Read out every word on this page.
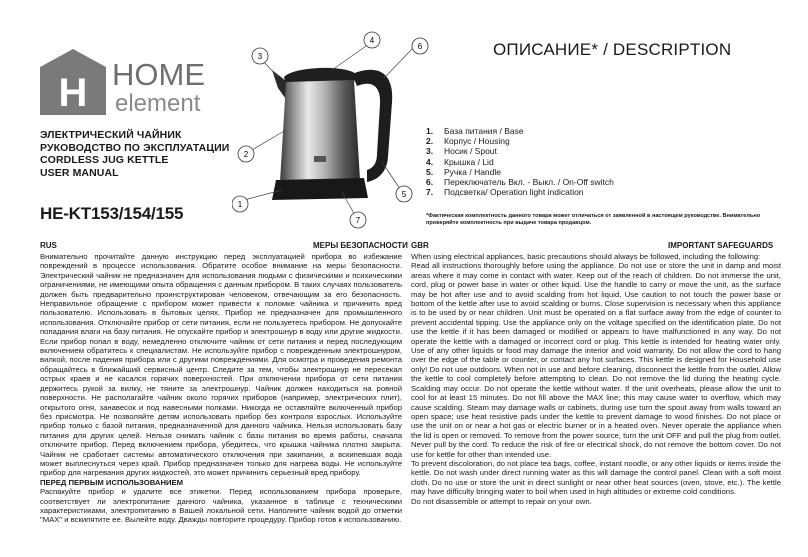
H HOME
element
ЭЛЕКТРИЧЕСКИЙ ЧАЙНИК
РУКОВОДСТВО ПО ЭКСПЛУАТАЦИИ
CORDLESS JUG KETTLE
USER MANUAL
HE-KT153/154/155
3
4
6
2
1
5
7
ОПИСАНИЕ* / DESCRIPTION
1.	База питания / Base
2.	Корпус / Housing
3.	Носик / Spout
4.	Крышка / Lid
5.	Ручка / Handle
6.	Переключатель Вкл. - Выкл. / On-Off switch
7.	Подсветка/ Operation light indication
*Фактическая комплектность данного товара может отличаться от заявленной в настоящем руководстве. Внимательно проверяйте комплектность при выдаче товара продавцом.
RUS	МЕРЫ БЕЗОПАСНОСТИ GBR	IMPORTANT SAFEGUARDS

Внимательно прочитайте данную инструкцию перед эксплуатацией прибора во избежание повреждений в процессе использования. Обратите особое внимание на меры безопасности. Электрический чайник не предназначен для использования людьми с физическими и психическими ограничениями, не имеющими опыта обращения с данным прибором. В таких случаях пользователь должен быть предварительно проинструктирован человеком, отвечающим за его безопасность. Неправильное обращение с прибором может привести к поломке чайника и причинить вред пользователю. Использовать в бытовых целях. Прибор не предназначен для промышленного использования. Отключайте прибор от сети питания, если не пользуетесь прибором. Не допускайте попадания влаги на базу питания. Не опускайте прибор и электрошнур в воду или другие жидкости. Если прибор попал в воду, немедленно отключите чайник от сети питания и перед последующим включением обратитесь к специалистам. Не используйте прибор с поврежденным электрошнуром, вилкой, после падения прибора или с другими повреждениями. Для осмотра и проведения ремонта обращайтесь в ближайший сервисный центр. Следите за тем, чтобы электрошнур не пересекал острых краев и не касался горячих поверхностей. При отключении прибора от сети питания держитесь рукой за вилку, не тяните за электрошнур. Чайник должен находиться на ровной поверхности. Не располагайте чайник около горячих приборов (например, электрических плит), открытого огня, занавесок и под навесными полками. Никогда не оставляйте включенный прибор без присмотра. Не позволяйте детям использовать прибор без контроля взрослых. Используйте прибор только с базой питания, предназначенной для данного чайника. Нельзя использовать базу питания для других целей. Нельзя снимать чайник с базы питания во время работы, сначала отключите прибор. Перед включением прибора, убедитесь, что крышка чайника плотно закрыта. Чайник не сработает системы автоматического отключения при закипании, а вскипевшая вода может выплеснуться через край. Прибор предназначен только для нагрева воды. Не используйте прибор для нагревания других жидкостей, это может причинить серьезный вред прибору.

ПЕРЕД ПЕРВЫМ ИСПОЛЬЗОВАНИЕМ

Распакуйте прибор и удалите все этикетки. Перед использованием прибора проверьте, соответствует ли электропитание данного чайника, указанное в таблице с техническими характеристиками, электропитанию в Вашей локальной сети. Наполните чайник водой до отметки "MAX" и вскипятите ее. Вылейте воду. Дважды повторите процедуру. Прибор готов к использованию.

When using electrical appliances, basic precautions should always be followed, including the following:

Read all instructions thoroughly before using the appliance. Do not use or store the unit in damp and moist areas where it may come in contact with water. Keep out of the reach of children. Do not immerse the unit, cord, plug or power base in water or other liquid. Use the handle to carry or move the unit, as the surface may be hot after use and to avoid scalding from hot liquid. Use caution to not touch the power base or bottom of the kettle after use to avoid scalding or burns. Close supervision is necessary when this appliance is to be used by or near children. Unit must be operated on a flat surface away from the edge of counter to prevent accidental tipping. Use the appliance only on the voltage specified on the identification plate. Do not use the kettle if it has been damaged or modified or appears to have malfunctioned in any way. Do not operate the kettle with a damaged or incorrect cord or plug. This kettle is intended for heating water only. Use of any other liquids or food may damage the interior and void warranty. Do not allow the cord to hang over the edge of the table or counter, or contact any hot surfaces. This kettle is designed for Household use only! Do not use outdoors. When not in use and before cleaning, disconnect the kettle from the outlet. Allow the kettle to cool completely before attempting to clean. Do not remove the lid during the heating cycle. Scalding may occur. Do not operate the kettle without water. If the unit overheats, please allow the unit to cool for at least 15 minutes. Do not fill above the MAX line; this may cause water to overflow, which may cause scalding. Steam may damage walls or cabinets, during use turn the spout away from walls toward an open space; use heat resistive pads under the kettle to prevent damage to wood finishes. Do not place or use the unit on or near a hot gas or electric burner or in a heated oven. Never operate the appliance when the lid is open or removed. To remove from the power source, turn the unit OFF and pull the plug from outlet. Never pull by the cord. To reduce the risk of fire or electrical shock, do not remove the bottom cover. Do not use for kettle for other than intended use.

To prevent discoloration, do not place tea bags, coffee, instant noodle, or any other liquids or items inside the kettle. Do not wash under direct running water as this will damage the control panel. Clean with a soft moist cloth. Do no use or store the unit in direct sunlight or near other heat sources (oven, stove, etc.). The kettle may have difficulty bringing water to boil when used in high altitudes or extreme cold conditions.

Do not disassemble or attempt to repair on your own.
